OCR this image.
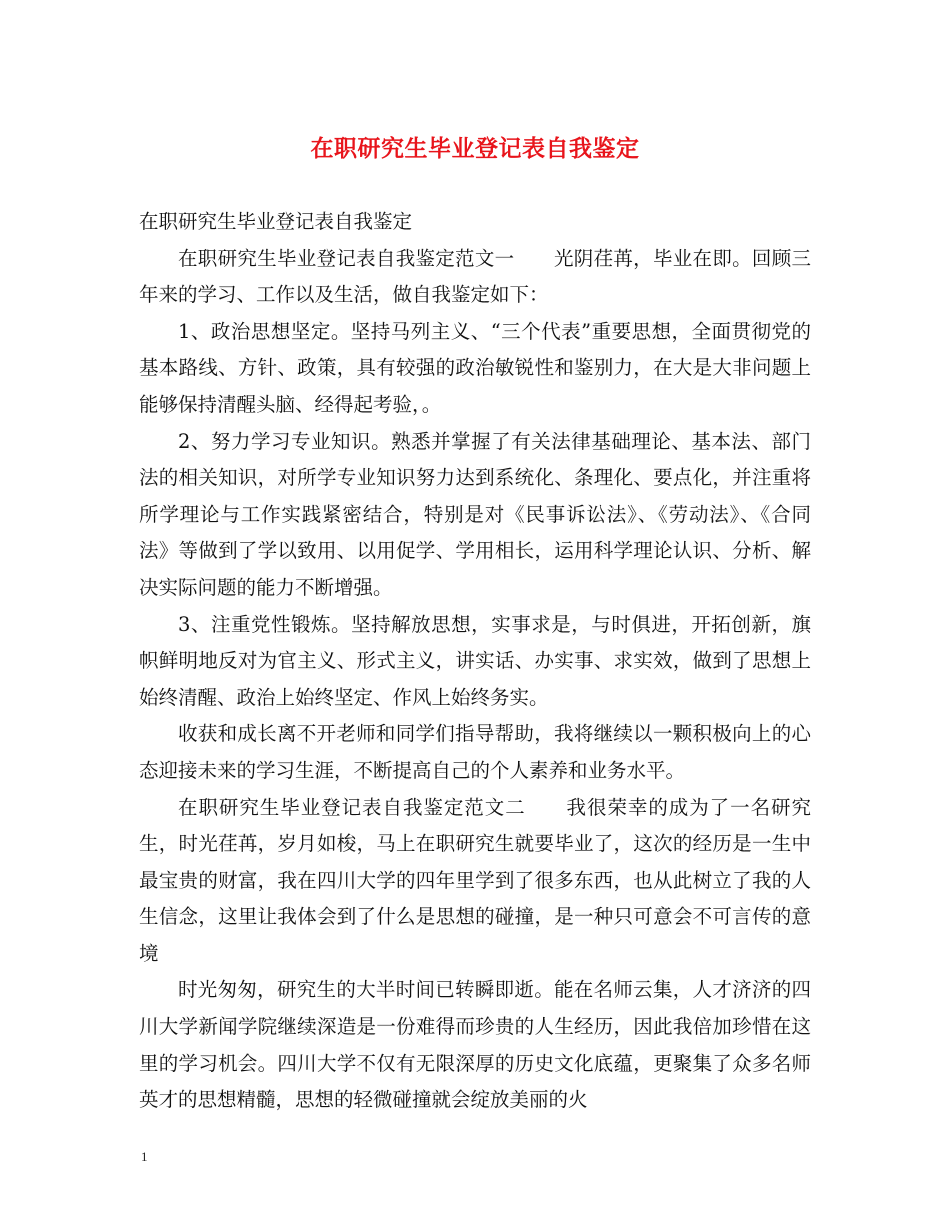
在职研究生毕业登记表自我鉴定

在职研究生毕业登记表自我鉴定

在职研究生毕业登记表自我鉴定范文一　　光阴荏苒，毕业在即。回顾三年来的学习、工作以及生活，做自我鉴定如下：

1、政治思想坚定。坚持马列主义、“三个代表”重要思想，全面贯彻党的基本路线、方针、政策，具有较强的政治敏锐性和鉴别力，在大是大非问题上能够保持清醒头脑、经得起考验，。

2、努力学习专业知识。熟悉并掌握了有关法律基础理论、基本法、部门法的相关知识，对所学专业知识努力达到系统化、条理化、要点化，并注重将所学理论与工作实践紧密结合，特别是对《民事诉讼法》、《劳动法》、《合同法》等做到了学以致用、以用促学、学用相长，运用科学理论认识、分析、解决实际问题的能力不断增强。

3、注重党性锻炼。坚持解放思想，实事求是，与时俱进，开拓创新，旗帜鲜明地反对为官主义、形式主义，讲实话、办实事、求实效，做到了思想上始终清醒、政治上始终坚定、作风上始终务实。

收获和成长离不开老师和同学们指导帮助，我将继续以一颗积极向上的心态迎接未来的学习生涯，不断提高自己的个人素养和业务水平。

在职研究生毕业登记表自我鉴定范文二　　我很荣幸的成为了一名研究生，时光荏苒，岁月如梭，马上在职研究生就要毕业了，这次的经历是一生中最宝贵的财富，我在四川大学的四年里学到了很多东西，也从此树立了我的人生信念，这里让我体会到了什么是思想的碰撞，是一种只可意会不可言传的意境

时光匆匆，研究生的大半时间已转瞬即逝。能在名师云集，人才济济的四川大学新闻学院继续深造是一份难得而珍贵的人生经历，因此我倍加珍惜在这里的学习机会。四川大学不仅有无限深厚的历史文化底蕴，更聚集了众多名师英才的思想精髓，思想的轻微碰撞就会绽放美丽的火

1
